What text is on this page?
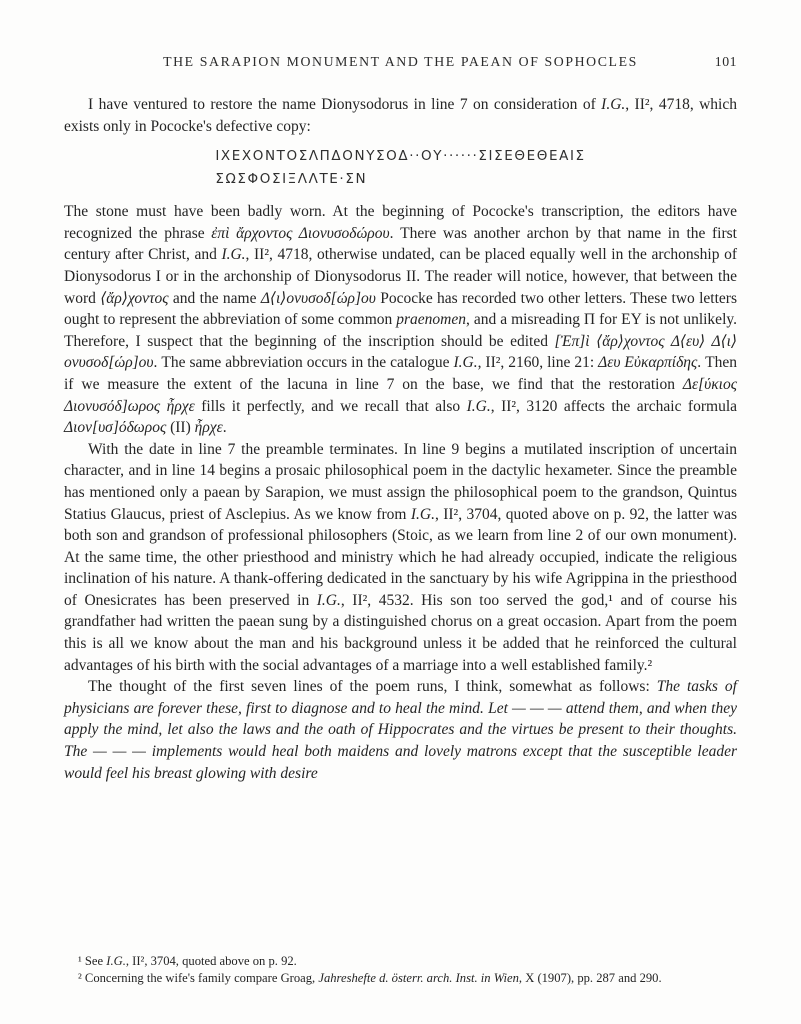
THE SARAPION MONUMENT AND THE PAEAN OF SOPHOCLES	101

I have ventured to restore the name Dionysodorus in line 7 on consideration of I.G., II², 4718, which exists only in Pococke's defective copy:

ΙΧΕΧΟΝΤΟΣΛΠΔΟΝΥΣΟΔ··ΟΥ······ΣΙΣΕΘΕΘΕΑΙΣ
ΣΩΣΦΟΣΙΞΛΛΤΕ·ΣΝ

The stone must have been badly worn. At the beginning of Pococke's transcription, the editors have recognized the phrase ἐπὶ ἄρχοντος Διονυσοδώρου. There was another archon by that name in the first century after Christ, and I.G., II², 4718, otherwise undated, can be placed equally well in the archonship of Dionysodorus I or in the archonship of Dionysodorus II. The reader will notice, however, that between the word ⟨ἄρ⟩χοντος and the name Δ⟨ι⟩ονυσοδ[ώρ]ου Pococke has recorded two other letters. These two letters ought to represent the abbreviation of some common praenomen, and a misreading Π for ΕΥ is not unlikely. Therefore, I suspect that the beginning of the inscription should be edited [Ἐπ]ὶ ⟨ἄρ⟩χοντος Δ⟨ευ⟩ Δ⟨ι⟩ονυσοδ[ώρ]ου. The same abbreviation occurs in the catalogue I.G., II², 2160, line 21: Δευ Εὐκαρπίδης. Then if we measure the extent of the lacuna in line 7 on the base, we find that the restoration Δε[ύκιος Διονυσόδ]ωρος ἦρχε fills it perfectly, and we recall that also I.G., II², 3120 affects the archaic formula Διον[υσ]όδωρος (II) ἦρχε.

With the date in line 7 the preamble terminates. In line 9 begins a mutilated inscription of uncertain character, and in line 14 begins a prosaic philosophical poem in the dactylic hexameter. Since the preamble has mentioned only a paean by Sarapion, we must assign the philosophical poem to the grandson, Quintus Statius Glaucus, priest of Asclepius. As we know from I.G., II², 3704, quoted above on p. 92, the latter was both son and grandson of professional philosophers (Stoic, as we learn from line 2 of our own monument). At the same time, the other priesthood and ministry which he had already occupied, indicate the religious inclination of his nature. A thank-offering dedicated in the sanctuary by his wife Agrippina in the priesthood of Onesicrates has been preserved in I.G., II², 4532. His son too served the god,¹ and of course his grandfather had written the paean sung by a distinguished chorus on a great occasion. Apart from the poem this is all we know about the man and his background unless it be added that he reinforced the cultural advantages of his birth with the social advantages of a marriage into a well established family.²

The thought of the first seven lines of the poem runs, I think, somewhat as follows: The tasks of physicians are forever these, first to diagnose and to heal the mind. Let — — — attend them, and when they apply the mind, let also the laws and the oath of Hippocrates and the virtues be present to their thoughts. The — — — implements would heal both maidens and lovely matrons except that the susceptible leader would feel his breast glowing with desire

¹ See I.G., II², 3704, quoted above on p. 92.

² Concerning the wife's family compare Groag, Jahreshefte d. österr. arch. Inst. in Wien, X (1907), pp. 287 and 290.
